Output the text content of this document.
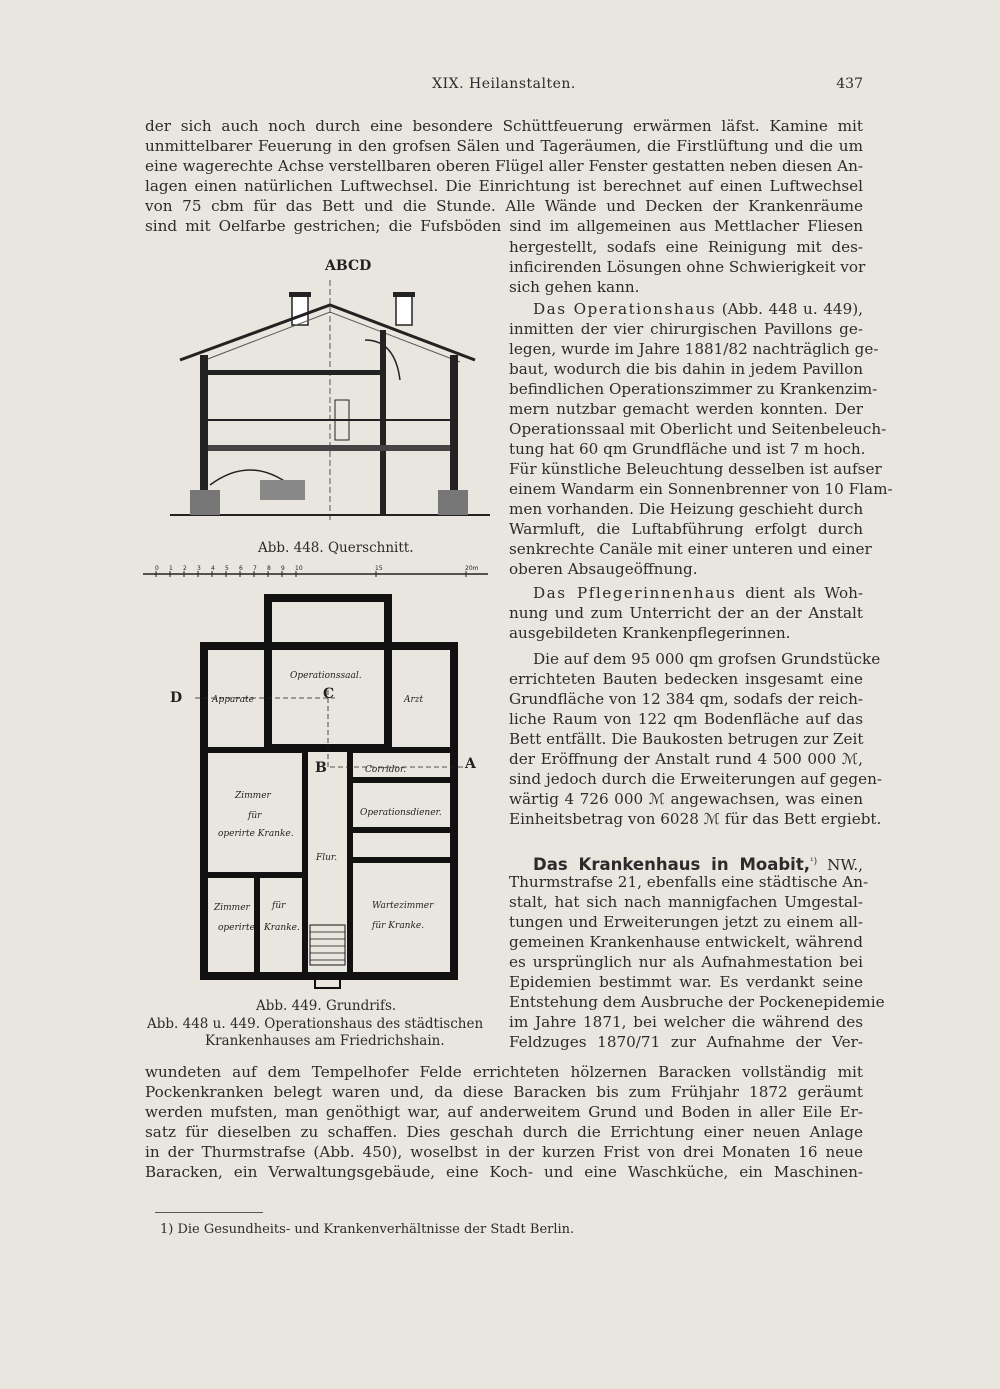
XIX. Heilanstalten.	437
der sich auch noch durch eine besondere Schüttfeuerung erwärmen läfst. Kamine mit
unmittelbarer Feuerung in den grofsen Sälen und Tageräumen, die Firstlüftung und die um
eine wagerechte Achse verstellbaren oberen Flügel aller Fenster gestatten neben diesen An-
lagen einen natürlichen Luftwechsel. Die Einrichtung ist berechnet auf einen Luftwechsel
von 75 cbm für das Bett und die Stunde. Alle Wände und Decken der Krankenräume
sind mit Oelfarbe gestrichen; die Fufsböden sind im allgemeinen aus Mettlacher Fliesen
hergestellt, sodafs eine Reinigung mit des-
inficirenden Lösungen ohne Schwierigkeit vor
sich gehen kann.
Das Operationshaus (Abb. 448 u. 449),
inmitten der vier chirurgischen Pavillons ge-
legen, wurde im Jahre 1881/82 nachträglich ge-
baut, wodurch die bis dahin in jedem Pavillon
befindlichen Operationszimmer zu Krankenzim-
mern nutzbar gemacht werden konnten. Der
Operationssaal mit Oberlicht und Seitenbeleuch-
tung hat 60 qm Grundfläche und ist 7 m hoch.
Für künstliche Beleuchtung desselben ist aufser
einem Wandarm ein Sonnenbrenner von 10 Flam-
men vorhanden. Die Heizung geschieht durch
Warmluft, die Luftabführung erfolgt durch
senkrechte Canäle mit einer unteren und einer
oberen Absaugeöffnung.
Das Pflegerinnenhaus dient als Woh-
nung und zum Unterricht der an der Anstalt
ausgebildeten Krankenpflegerinnen.
Die auf dem 95 000 qm grofsen Grundstücke
errichteten Bauten bedecken insgesamt eine
Grundfläche von 12 384 qm, sodafs der reich-
liche Raum von 122 qm Bodenfläche auf das
Bett entfällt. Die Baukosten betrugen zur Zeit
der Eröffnung der Anstalt rund 4 500 000 ℳ,
sind jedoch durch die Erweiterungen auf gegen-
wärtig 4 726 000 ℳ angewachsen, was einen
Einheitsbetrag von 6028 ℳ für das Bett ergiebt.
Das Krankenhaus in Moabit,$^{^1)}$ NW.,
Thurmstrafse 21, ebenfalls eine städtische An-
stalt, hat sich nach mannigfachen Umgestal-
tungen und Erweiterungen jetzt zu einem all-
gemeinen Krankenhause entwickelt, während
es ursprünglich nur als Aufnahmestation bei
Epidemien bestimmt war. Es verdankt seine
Entstehung dem Ausbruche der Pockenepidemie
im Jahre 1871, bei welcher die während des
Feldzuges 1870/71 zur Aufnahme der Ver-
wundeten auf dem Tempelhofer Felde errichteten hölzernen Baracken vollständig mit
Pockenkranken belegt waren und, da diese Baracken bis zum Frühjahr 1872 geräumt
werden mufsten, man genöthigt war, auf anderweitem Grund und Boden in aller Eile Er-
satz für dieselben zu schaffen. Dies geschah durch die Errichtung einer neuen Anlage
in der Thurmstrafse (Abb. 450), woselbst in der kurzen Frist von drei Monaten 16 neue
Baracken, ein Verwaltungsgebäude, eine Koch- und eine Waschküche, ein Maschinen-
ABCD
Abb. 448. Querschnitt.
0 1 2 3 4 5 6 7 8 9 10	15	20m
Operationssaal.
Apparate	Arzt
Corridor.
Zimmer
für
operirte Kranke.
Operationsdiener.
Flur.
Zimmer
operirte
für
Kranke.
Wartezimmer
für Kranke.
A
B
C
D
Abb. 449. Grundrifs.
Abb. 448 u. 449. Operationshaus des städtischen
Krankenhauses am Friedrichshain.
1) Die Gesundheits- und Krankenverhältnisse der Stadt Berlin.
